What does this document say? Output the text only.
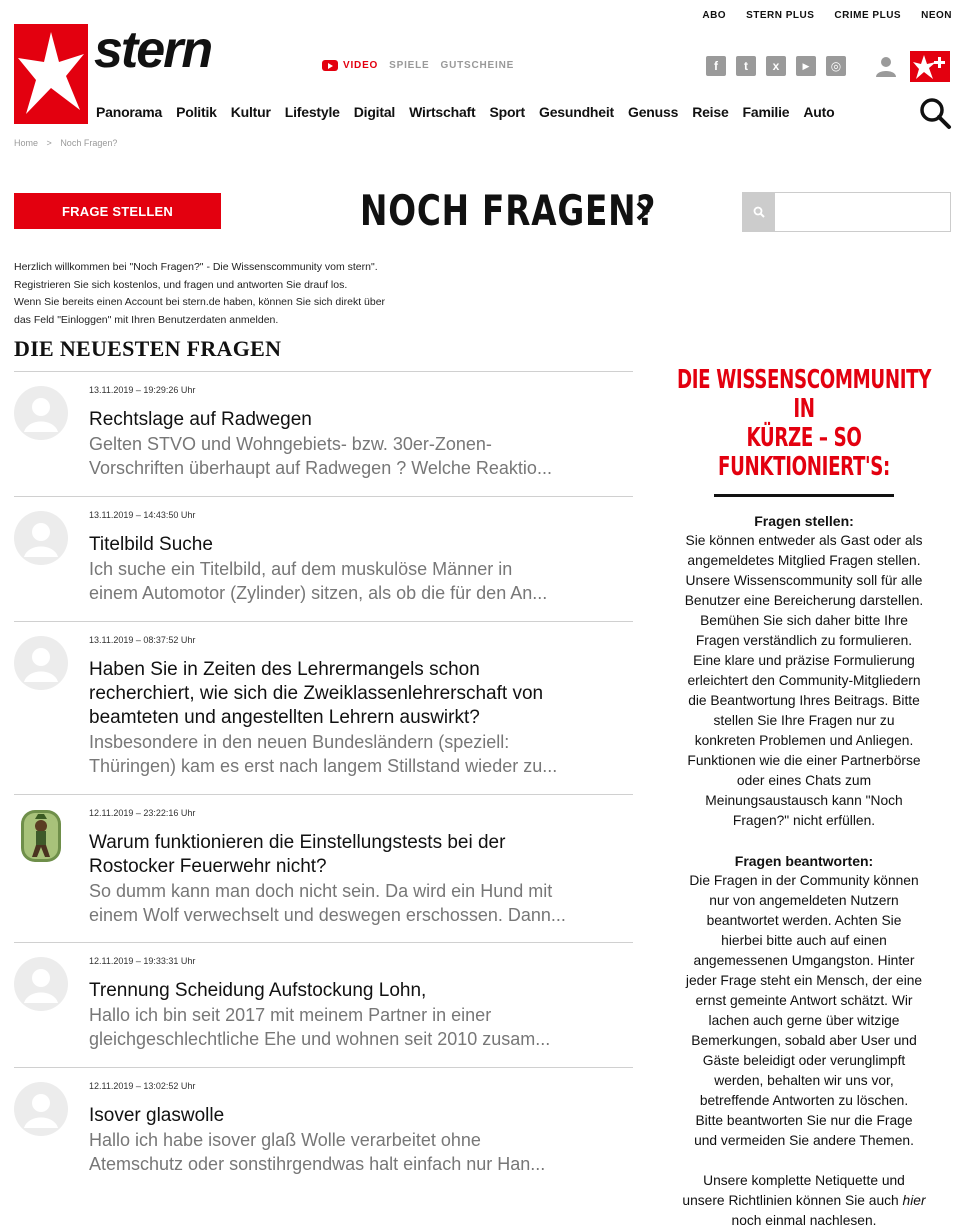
ABO STERN PLUS CRIME PLUS NEON
stern	VIDEO SPIELE GUTSCHEINE	f	t	x	▶	◎
Panorama Politik Kultur Lifestyle Digital Wirtschaft Sport Gesundheit Genuss Reise Familie Auto
Home > Noch Fragen?
FRAGE STELLEN	NOCH FRAGEN?
Herzlich willkommen bei "Noch Fragen?" - Die Wissenscommunity vom stern".
Registrieren Sie sich kostenlos, und fragen und antworten Sie drauf los.
Wenn Sie bereits einen Account bei stern.de haben, können Sie sich direkt über
das Feld "Einloggen" mit Ihren Benutzerdaten anmelden.
DIE NEUESTEN FRAGEN
13.11.2019 – 19:29:26 Uhr
Rechtslage auf Radwegen
Gelten STVO und Wohngebiets- bzw. 30er-Zonen-
Vorschriften überhaupt auf Radwegen ? Welche Reaktio...
13.11.2019 – 14:43:50 Uhr
Titelbild Suche
Ich suche ein Titelbild, auf dem muskulöse Männer in
einem Automotor (Zylinder) sitzen, als ob die für den An...
13.11.2019 – 08:37:52 Uhr
Haben Sie in Zeiten des Lehrermangels schon
recherchiert, wie sich die Zweiklassenlehrerschaft von
beamteten und angestellten Lehrern auswirkt?
Insbesondere in den neuen Bundesländern (speziell:
Thüringen) kam es erst nach langem Stillstand wieder zu...
12.11.2019 – 23:22:16 Uhr
Warum funktionieren die Einstellungstests bei der
Rostocker Feuerwehr nicht?
So dumm kann man doch nicht sein. Da wird ein Hund mit
einem Wolf verwechselt und deswegen erschossen. Dann...
12.11.2019 – 19:33:31 Uhr
Trennung Scheidung Aufstockung Lohn,
Hallo ich bin seit 2017 mit meinem Partner in einer
gleichgeschlechtliche Ehe und wohnen seit 2010 zusam...
12.11.2019 – 13:02:52 Uhr
Isover glaswolle
Hallo ich habe isover glaß Wolle verarbeitet ohne
Atemschutz oder sonstihrgendwas halt einfach nur Han...
DIE WISSENSCOMMUNITY IN
KÜRZE – SO FUNKTIONIERT'S:
Fragen stellen:

Sie können entweder als Gast oder als
angemeldetes Mitglied Fragen stellen.
Unsere Wissenscommunity soll für alle
Benutzer eine Bereicherung darstellen.
Bemühen Sie sich daher bitte Ihre
Fragen verständlich zu formulieren.
Eine klare und präzise Formulierung
erleichtert den Community-Mitgliedern
die Beantwortung Ihres Beitrags. Bitte
stellen Sie Ihre Fragen nur zu
konkreten Problemen und Anliegen.
Funktionen wie die einer Partnerbörse
oder eines Chats zum
Meinungsaustausch kann "Noch
Fragen?" nicht erfüllen.

Fragen beantworten:

Die Fragen in der Community können
nur von angemeldeten Nutzern
beantwortet werden. Achten Sie
hierbei bitte auch auf einen
angemessenen Umgangston. Hinter
jeder Frage steht ein Mensch, der eine
ernst gemeinte Antwort schätzt. Wir
lachen auch gerne über witzige
Bemerkungen, sobald aber User und
Gäste beleidigt oder verunglimpft
werden, behalten wir uns vor,
betreffende Antworten zu löschen.
Bitte beantworten Sie nur die Frage
und vermeiden Sie andere Themen.

Unsere komplette Netiquette und
unsere Richtlinien können Sie auch hier
noch einmal nachlesen.
